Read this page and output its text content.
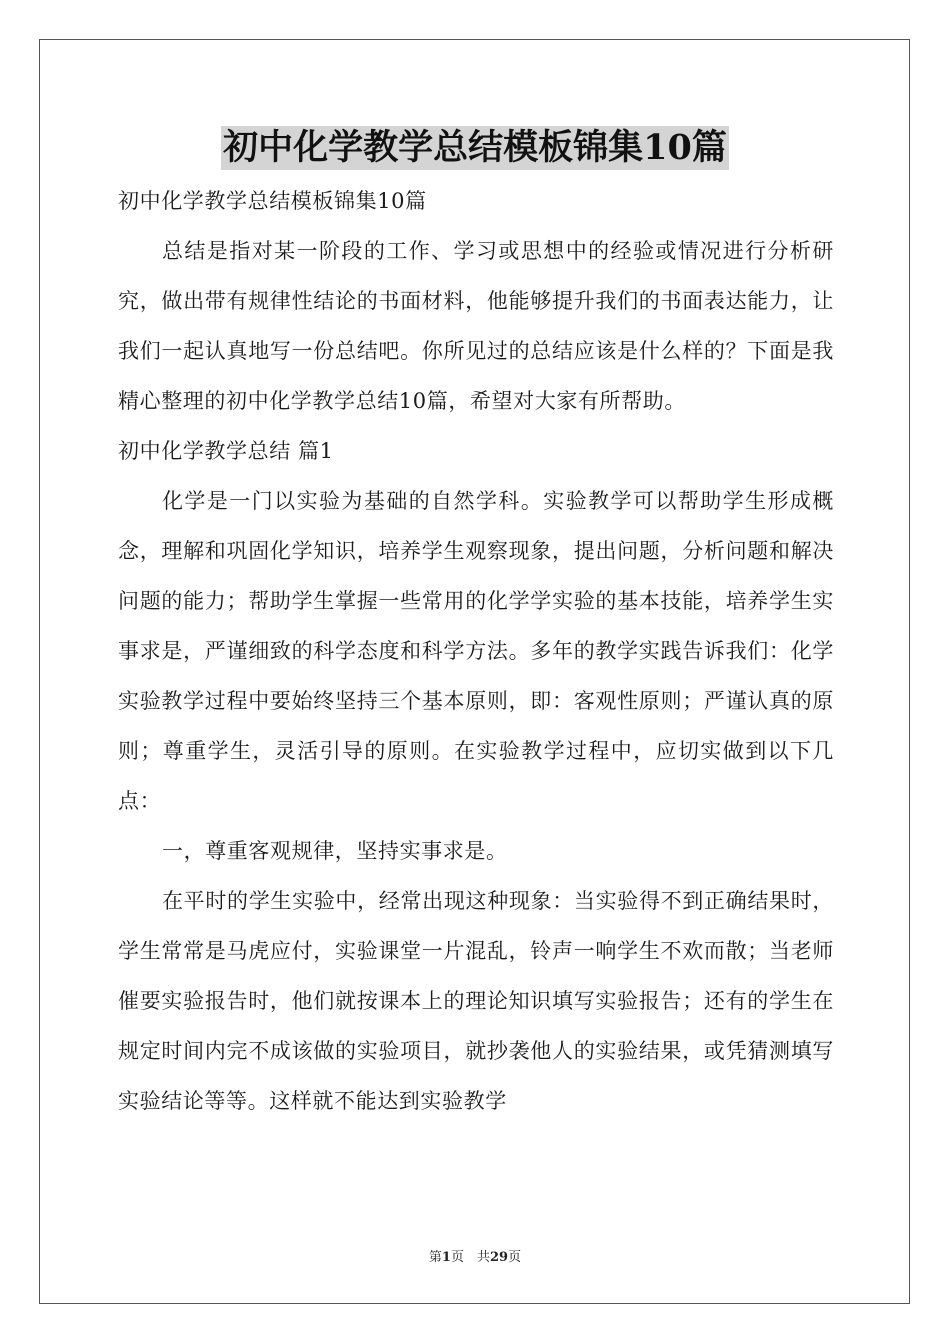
初中化学教学总结模板锦集10篇

初中化学教学总结模板锦集10篇

总结是指对某一阶段的工作、学习或思想中的经验或情况进行分析研究，做出带有规律性结论的书面材料，他能够提升我们的书面表达能力，让我们一起认真地写一份总结吧。你所见过的总结应该是什么样的？下面是我精心整理的初中化学教学总结10篇，希望对大家有所帮助。

初中化学教学总结 篇1

化学是一门以实验为基础的自然学科。实验教学可以帮助学生形成概念，理解和巩固化学知识，培养学生观察现象，提出问题，分析问题和解决问题的能力；帮助学生掌握一些常用的化学学实验的基本技能，培养学生实事求是，严谨细致的科学态度和科学方法。多年的教学实践告诉我们：化学实验教学过程中要始终坚持三个基本原则，即：客观性原则；严谨认真的原则；尊重学生，灵活引导的原则。在实验教学过程中，应切实做到以下几点：

一，尊重客观规律，坚持实事求是。

在平时的学生实验中，经常出现这种现象：当实验得不到正确结果时，学生常常是马虎应付，实验课堂一片混乱，铃声一响学生不欢而散；当老师催要实验报告时，他们就按课本上的理论知识填写实验报告；还有的学生在规定时间内完不成该做的实验项目，就抄袭他人的实验结果，或凭猜测填写实验结论等等。这样就不能达到实验教学

第1页　共29页
